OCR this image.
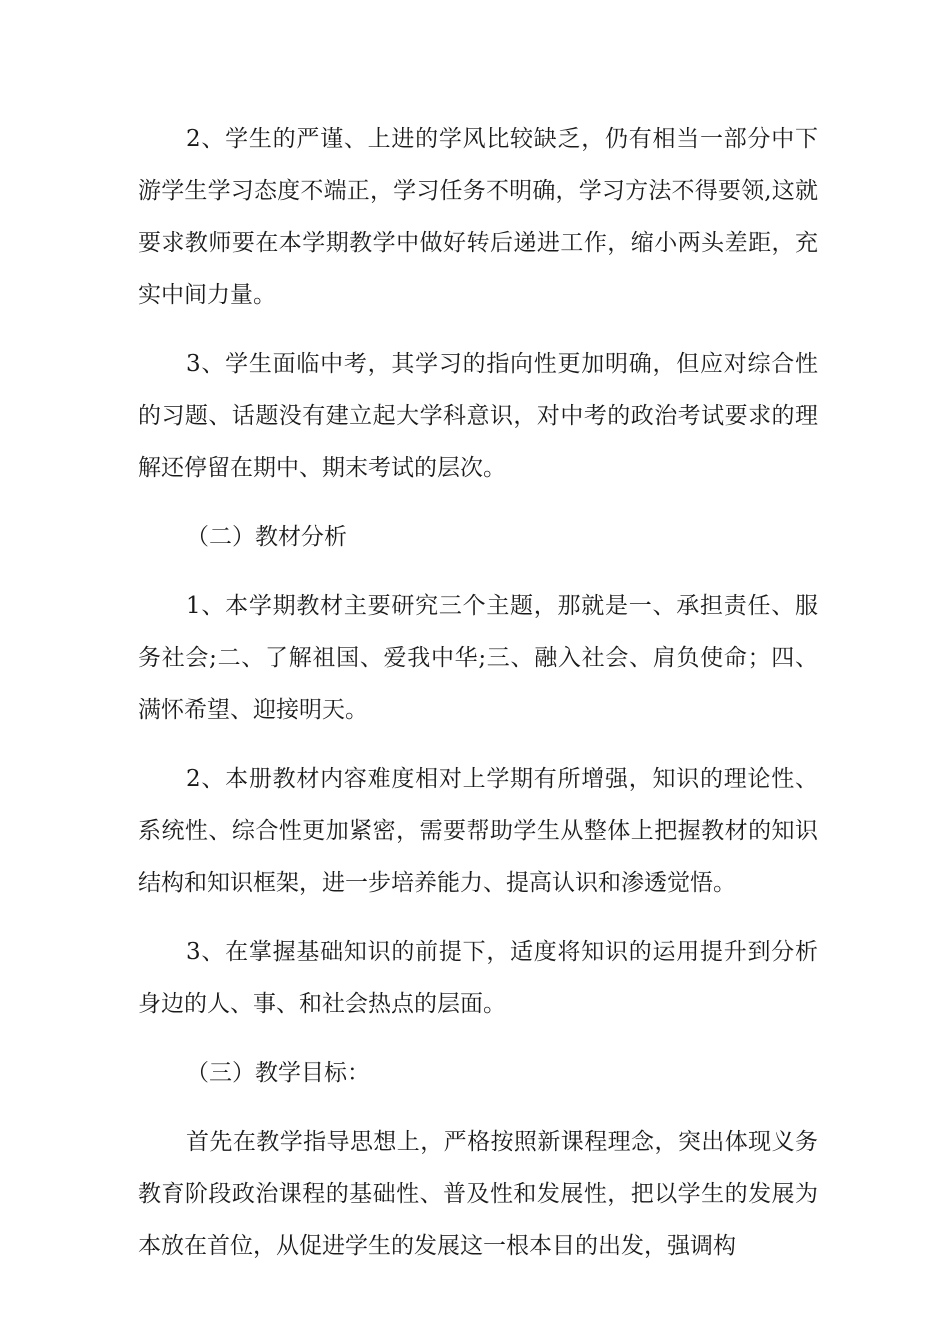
2、学生的严谨、上进的学风比较缺乏，仍有相当一部分中下游学生学习态度不端正，学习任务不明确，学习方法不得要领,这就要求教师要在本学期教学中做好转后递进工作，缩小两头差距，充实中间力量。

3、学生面临中考，其学习的指向性更加明确，但应对综合性的习题、话题没有建立起大学科意识，对中考的政治考试要求的理解还停留在期中、期末考试的层次。

（二）教材分析

1、本学期教材主要研究三个主题，那就是一、承担责任、服务社会;二、了解祖国、爱我中华;三、融入社会、肩负使命；四、满怀希望、迎接明天。

2、本册教材内容难度相对上学期有所增强，知识的理论性、系统性、综合性更加紧密，需要帮助学生从整体上把握教材的知识结构和知识框架，进一步培养能力、提高认识和渗透觉悟。

3、在掌握基础知识的前提下，适度将知识的运用提升到分析身边的人、事、和社会热点的层面。

（三）教学目标：

首先在教学指导思想上，严格按照新课程理念，突出体现义务教育阶段政治课程的基础性、普及性和发展性，把以学生的发展为本放在首位，从促进学生的发展这一根本目的出发，强调构
